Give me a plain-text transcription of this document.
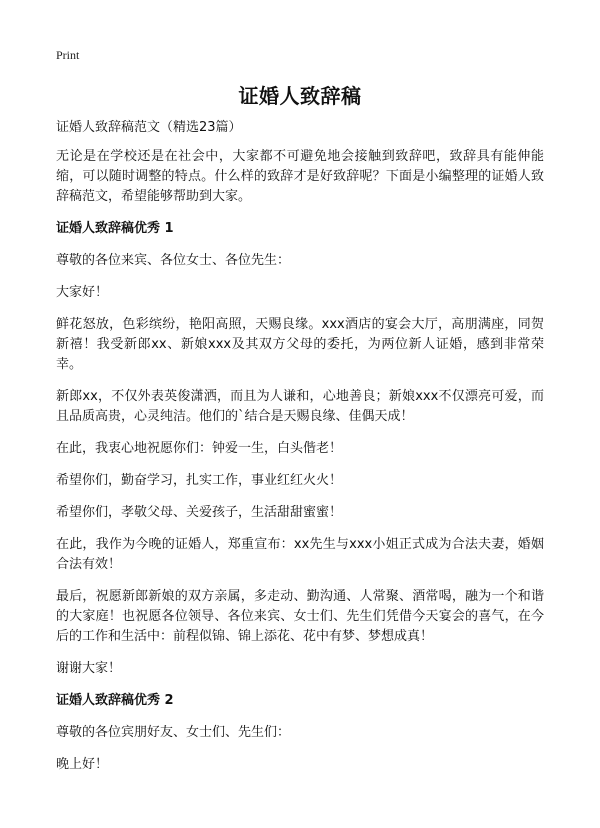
Print
证婚人致辞稿

证婚人致辞稿范文（精选23篇）

无论是在学校还是在社会中，大家都不可避免地会接触到致辞吧，致辞具有能伸能缩，可以随时调整的特点。什么样的致辞才是好致辞呢？下面是小编整理的证婚人致辞稿范文，希望能够帮助到大家。

证婚人致辞稿优秀 1

尊敬的各位来宾、各位女士、各位先生：

大家好！

鲜花怒放，色彩缤纷，艳阳高照，天赐良缘。xxx酒店的宴会大厅，高朋满座，同贺新禧！我受新郎xx、新娘xxx及其双方父母的委托，为两位新人证婚，感到非常荣幸。

新郎xx，不仅外表英俊潇洒，而且为人谦和，心地善良；新娘xxx不仅漂亮可爱，而且品质高贵，心灵纯洁。他们的`结合是天赐良缘、佳偶天成！

在此，我衷心地祝愿你们：钟爱一生，白头偕老！

希望你们，勤奋学习，扎实工作，事业红红火火！

希望你们，孝敬父母、关爱孩子，生活甜甜蜜蜜！

在此，我作为今晚的证婚人，郑重宣布：xx先生与xxx小姐正式成为合法夫妻，婚姻合法有效！

最后，祝愿新郎新娘的双方亲属，多走动、勤沟通、人常聚、酒常喝，融为一个和谐的大家庭！也祝愿各位领导、各位来宾、女士们、先生们凭借今天宴会的喜气，在今后的工作和生活中：前程似锦、锦上添花、花中有梦、梦想成真！

谢谢大家！

证婚人致辞稿优秀 2

尊敬的各位宾朋好友、女士们、先生们：

晚上好！
